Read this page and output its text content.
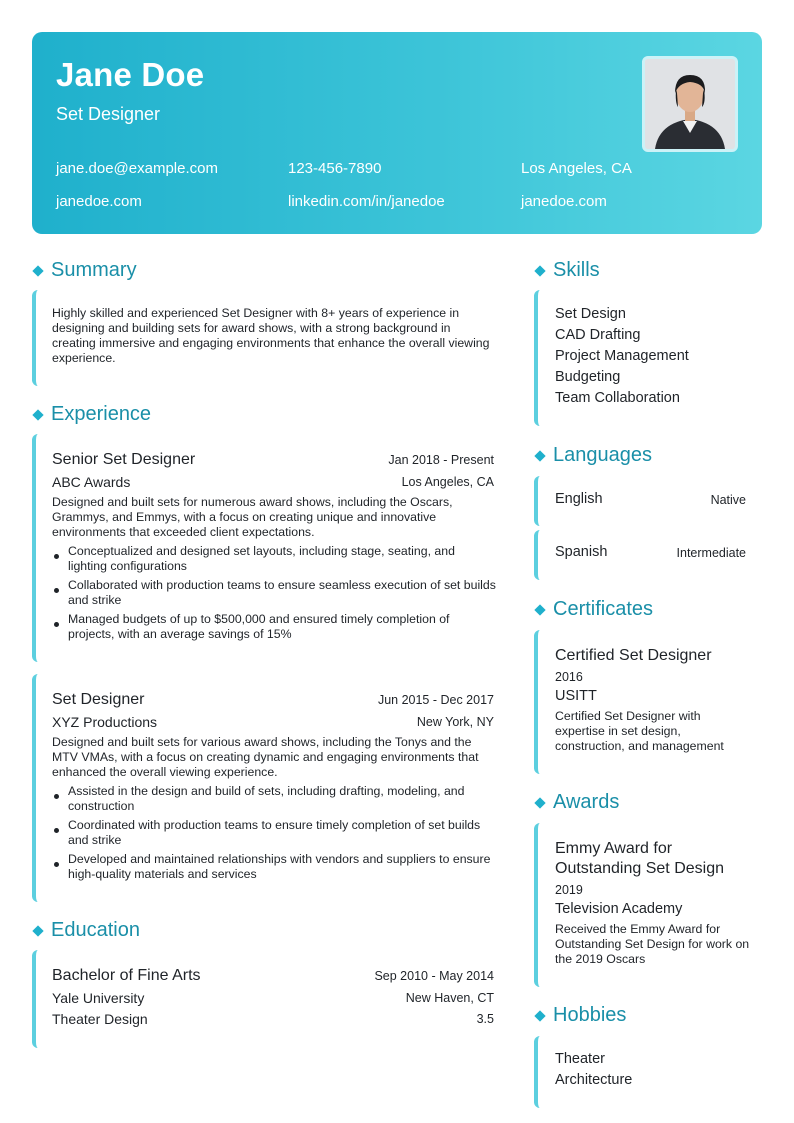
Jane Doe
Set Designer
jane.doe@example.com	123-456-7890	Los Angeles, CA
janedoe.com	linkedin.com/in/janedoe	janedoe.com
Summary
Highly skilled and experienced Set Designer with 8+ years of experience in designing and building sets for award shows, with a strong background in creating immersive and engaging environments that enhance the overall viewing experience.
Experience
Senior Set Designer	Jan 2018 - Present
ABC Awards	Los Angeles, CA
Designed and built sets for numerous award shows, including the Oscars, Grammys, and Emmys, with a focus on creating unique and innovative environments that exceeded client expectations.
Conceptualized and designed set layouts, including stage, seating, and lighting configurations
Collaborated with production teams to ensure seamless execution of set builds and strike
Managed budgets of up to $500,000 and ensured timely completion of projects, with an average savings of 15%
Set Designer	Jun 2015 - Dec 2017
XYZ Productions	New York, NY
Designed and built sets for various award shows, including the Tonys and the MTV VMAs, with a focus on creating dynamic and engaging environments that enhanced the overall viewing experience.
Assisted in the design and build of sets, including drafting, modeling, and construction
Coordinated with production teams to ensure timely completion of set builds and strike
Developed and maintained relationships with vendors and suppliers to ensure high-quality materials and services
Education
Bachelor of Fine Arts	Sep 2010 - May 2014
Yale University	New Haven, CT
Theater Design	3.5
Skills
Set Design
CAD Drafting
Project Management
Budgeting
Team Collaboration
Languages
English	Native
Spanish	Intermediate
Certificates
Certified Set Designer
2016
USITT
Certified Set Designer with expertise in set design, construction, and management
Awards
Emmy Award for Outstanding Set Design
2019
Television Academy
Received the Emmy Award for Outstanding Set Design for work on the 2019 Oscars
Hobbies
Theater
Architecture
